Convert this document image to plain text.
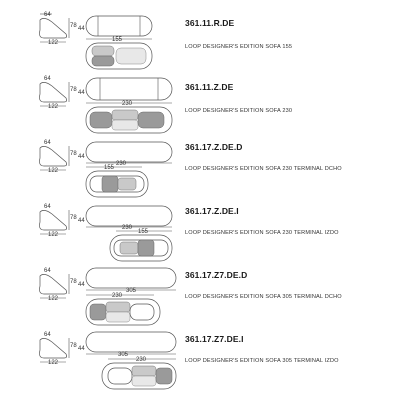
64
78 44
122	155
361.11.R.DE
LOOP DESIGNER'S EDITION SOFA 155
64
78 44
122	230
361.11.Z.DE
LOOP DESIGNER'S EDITION SOFA 230
64
78 44
122
230
155
361.17.Z.DE.D
LOOP DESIGNER'S EDITION SOFA 230 TERMINAL DCHO
64
78 44
122
230
155
361.17.Z.DE.I
LOOP DESIGNER'S EDITION SOFA 230 TERMINAL IZDO
64
78 44
122
305
230
361.17.Z7.DE.D
LOOP DESIGNER'S EDITION SOFA 305 TERMINAL DCHO
64
78 44
122
305
230
361.17.Z7.DE.I
LOOP DESIGNER'S EDITION SOFA 305 TERMINAL IZDO
